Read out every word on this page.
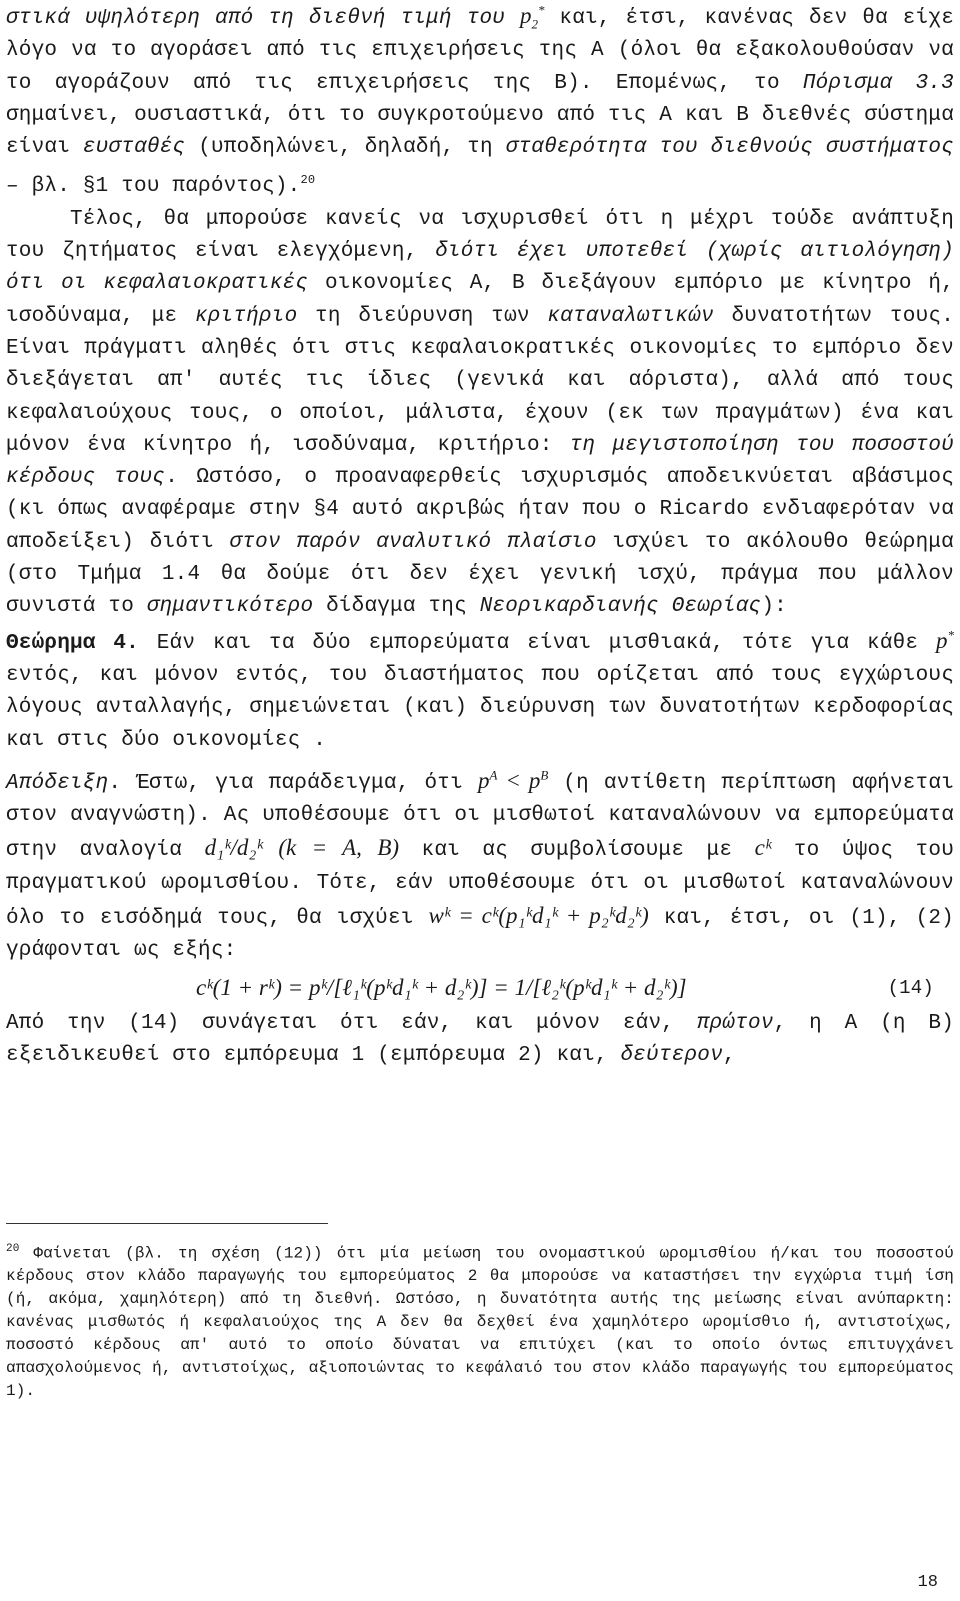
στικά υψηλότερη από τη διεθνή τιμή του $p_2^*$ και, έτσι, κανένας δεν θα είχε λόγο να το αγοράσει από τις επιχειρήσεις της Α (όλοι θα εξακολουθούσαν να το αγοράζουν από τις επιχειρήσεις της Β). Επομένως, το Πόρισμα 3.3 σημαίνει, ουσιαστικά, ότι το συγκροτούμενο από τις Α και Β διεθνές σύστημα είναι ευσταθές (υποδηλώνει, δηλαδή, τη σταθερότητα του διεθνούς συστήματος – βλ. §1 του παρόντος).$^{20}$

Τέλος, θα μπορούσε κανείς να ισχυρισθεί ότι η μέχρι τούδε ανάπτυξη του ζητήματος είναι ελεγχόμενη, διότι έχει υποτεθεί (χωρίς αιτιολόγηση) ότι οι κεφαλαιοκρατικές οικονομίες Α, Β διεξάγουν εμπόριο με κίνητρο ή, ισοδύναμα, με κριτήριο τη διεύρυνση των καταναλωτικών δυνατοτήτων τους. Είναι πράγματι αληθές ότι στις κεφαλαιοκρατικές οικονομίες το εμπόριο δεν διεξάγεται απ' αυτές τις ίδιες (γενικά και αόριστα), αλλά από τους κεφαλαιούχους τους, ο οποίοι, μάλιστα, έχουν (εκ των πραγμάτων) ένα και μόνον ένα κίνητρο ή, ισοδύναμα, κριτήριο: τη μεγιστοποίηση του ποσοστού κέρδους τους. Ωστόσο, ο προαναφερθείς ισχυρισμός αποδεικνύεται αβάσιμος (κι όπως αναφέραμε στην §4 αυτό ακριβώς ήταν που ο Ricardo ενδιαφερόταν να αποδείξει) διότι στον παρόν αναλυτικό πλαίσιο ισχύει το ακόλουθο θεώρημα (στο Τμήμα 1.4 θα δούμε ότι δεν έχει γενική ισχύ, πράγμα που μάλλον συνιστά το σημαντικότερο δίδαγμα της Νεορικαρδιανής Θεωρίας):

Θεώρημα 4. Εάν και τα δύο εμπορεύματα είναι μισθιακά, τότε για κάθε p* εντός, και μόνον εντός, του διαστήματος που ορίζεται από τους εγχώριους λόγους ανταλλαγής, σημειώνεται (και) διεύρυνση των δυνατοτήτων κερδοφορίας και στις δύο οικονομίες .

Απόδειξη. Έστω, για παράδειγμα, ότι $p^A < p^B$ (η αντίθετη περίπτωση αφήνεται στον αναγνώστη). Ας υποθέσουμε ότι οι μισθωτοί καταναλώνουν να εμπορεύματα στην αναλογία d₁ᵏ/d₂ᵏ (k = A, B) και ας συμβολίσουμε με cᵏ το ύψος του πραγματικού ωρομισθίου. Τότε, εάν υποθέσουμε ότι οι μισθωτοί καταναλώνουν όλο το εισόδημά τους, θα ισχύει wᵏ = cᵏ(p₁ᵏd₁ᵏ + p₂ᵏd₂ᵏ) και, έτσι, οι (1), (2) γράφονται ως εξής:

cᵏ(1 + rᵏ) = pᵏ/[ℓ₁ᵏ(pᵏd₁ᵏ + d₂ᵏ)] = 1/[ℓ₂ᵏ(pᵏd₁ᵏ + d₂ᵏ)]	(14)

Από την (14) συνάγεται ότι εάν, και μόνον εάν, πρώτον, η Α (η Β) εξειδικευθεί στο εμπόρευμα 1 (εμπόρευμα 2) και, δεύτερον,

$^{20}$ Φαίνεται (βλ. τη σχέση (12)) ότι μία μείωση του ονομαστικού ωρομισθίου ή/και του ποσοστού κέρδους στον κλάδο παραγωγής του εμπορεύματος 2 θα μπορούσε να καταστήσει την εγχώρια τιμή ίση (ή, ακόμα, χαμηλότερη) από τη διεθνή. Ωστόσο, η δυνατότητα αυτής της μείωσης είναι ανύπαρκτη: κανένας μισθωτός ή κεφαλαιούχος της Α δεν θα δεχθεί ένα χαμηλότερο ωρομίσθιο ή, αντιστοίχως, ποσοστό κέρδους απ' αυτό το οποίο δύναται να επιτύχει (και το οποίο όντως επιτυγχάνει απασχολούμενος ή, αντιστοίχως, αξιοποιώντας το κεφάλαιό του στον κλάδο παραγωγής του εμπορεύματος 1).
18
